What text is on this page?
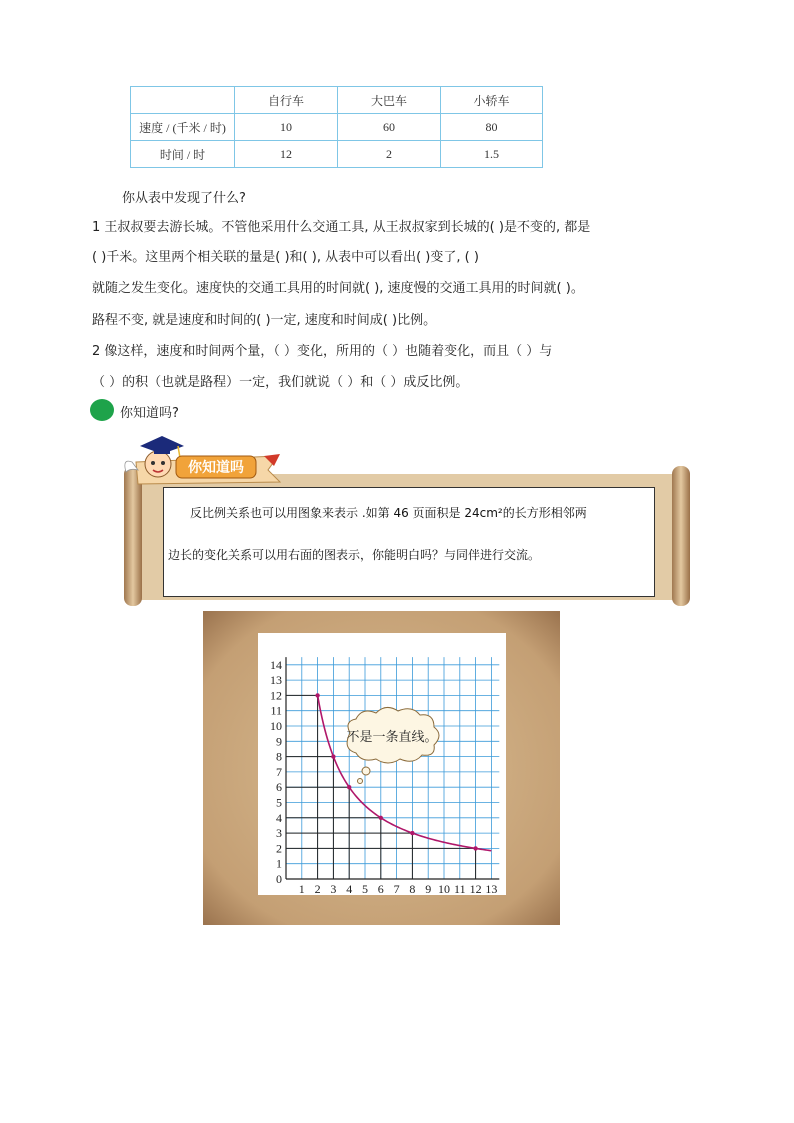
	自行车	大巴车	小轿车
速度 / (千米 / 时)	10	60	80
时间 / 时	12	2	1.5
你从表中发现了什么?
1 王叔叔要去游长城。不管他采用什么交通工具, 从王叔叔家到长城的( )是不变的, 都是
( )千米。这里两个相关联的量是( )和( ), 从表中可以看出( )变了, ( )
就随之发生变化。速度快的交通工具用的时间就( ), 速度慢的交通工具用的时间就( )。
路程不变, 就是速度和时间的( )一定, 速度和时间成( )比例。
2 像这样，速度和时间两个量，（ ）变化，所用的（ ）也随着变化，而且（ ）与
（ ）的积（也就是路程）一定，我们就说（ ）和（ ）成反比例。
你知道吗?
反比例关系也可以用图象来表示 .如第 46 页面积是 24cm²的长方形相邻两
边长的变化关系可以用右面的图表示，你能明白吗？与同伴进行交流。
你知道吗
1 2 3 4 5 6 7 8 9 10 11 12 13
0
1
2
3
4
5
6
7
8
9
10
11
12
13
14
不是一条直线。
